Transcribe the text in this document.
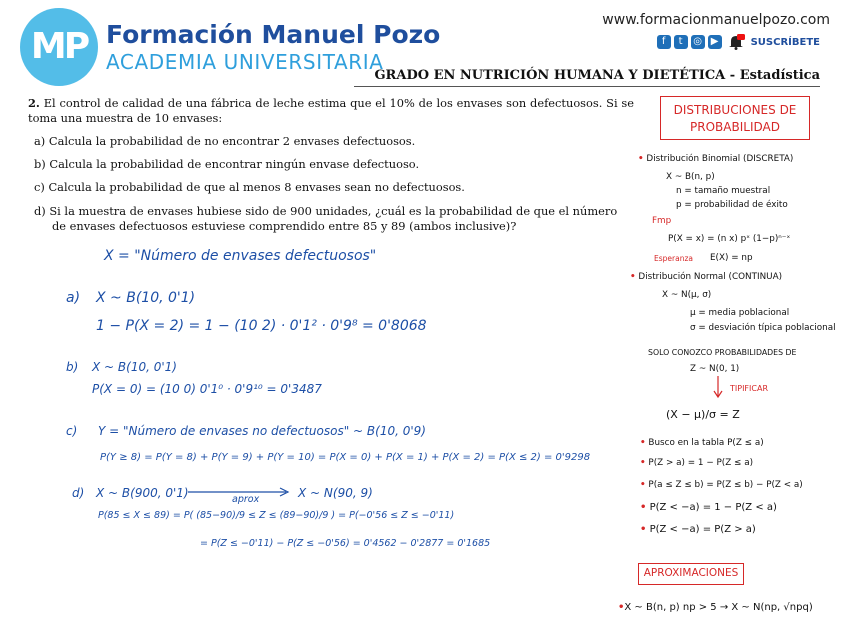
MP Formación Manuel Pozo
ACADEMIA UNIVERSITARIA
www.formacionmanuelpozo.com
f	t	◎ ▶	SUSCRÍBETE
GRADO EN NUTRICIÓN HUMANA Y DIETÉTICA - Estadística
2. El control de calidad de una fábrica de leche estima que el 10% de los envases son defectuosos. Si se toma una muestra de 10 envases:
a) Calcula la probabilidad de no encontrar 2 envases defectuosos.
b) Calcula la probabilidad de encontrar ningún envase defectuoso.
c) Calcula la probabilidad de que al menos 8 envases sean no defectuosos.
d) Si la muestra de envases hubiese sido de 900 unidades, ¿cuál es la probabilidad de que el número de envases defectuosos estuviese comprendido entre 85 y 89 (ambos inclusive)?
X = "Número de envases defectuosos"
a) X ~ B(10, 0'1)
1 − P(X = 2) = 1 − (10 2) · 0'1² · 0'9⁸ = 0'8068
b) X ~ B(10, 0'1)
P(X = 0) = (10 0) 0'1⁰ · 0'9¹⁰ = 0'3487
c) Y = "Número de envases no defectuosos" ~ B(10, 0'9)
P(Y ≥ 8) = P(Y = 8) + P(Y = 9) + P(Y = 10) = P(X = 0) + P(X = 1) + P(X = 2) = P(X ≤ 2) = 0'9298
d) X ~ B(900, 0'1)	aprox	X ~ N(90, 9)
P(85 ≤ X ≤ 89) = P( (85−90)/9 ≤ Z ≤ (89−90)/9 ) = P(−0'56 ≤ Z ≤ −0'11)
= P(Z ≤ −0'11) − P(Z ≤ −0'56) = 0'4562 − 0'2877 = 0'1685
DISTRIBUCIONES DE PROBABILIDAD
• Distribución Binomial (DISCRETA)
X ~ B(n, p)
n = tamaño muestral
p = probabilidad de éxito
Fmp
P(X = x) = (n x) pˣ (1−p)ⁿ⁻ˣ
Esperanza E(X) = np
• Distribución Normal (CONTINUA)
X ~ N(μ, σ)
μ = media poblacional
σ = desviación típica poblacional
SOLO CONOZCO PROBABILIDADES DE
Z ~ N(0, 1)
TIPIFICAR
(X − μ)/σ = Z
• Busco en la tabla P(Z ≤ a)
• P(Z > a) = 1 − P(Z ≤ a)
• P(a ≤ Z ≤ b) = P(Z ≤ b) − P(Z < a)
• P(Z < −a) = 1 − P(Z < a)
• P(Z < −a) = P(Z > a)
APROXIMACIONES
•X ~ B(n, p) np > 5 → X ~ N(np, √npq)
